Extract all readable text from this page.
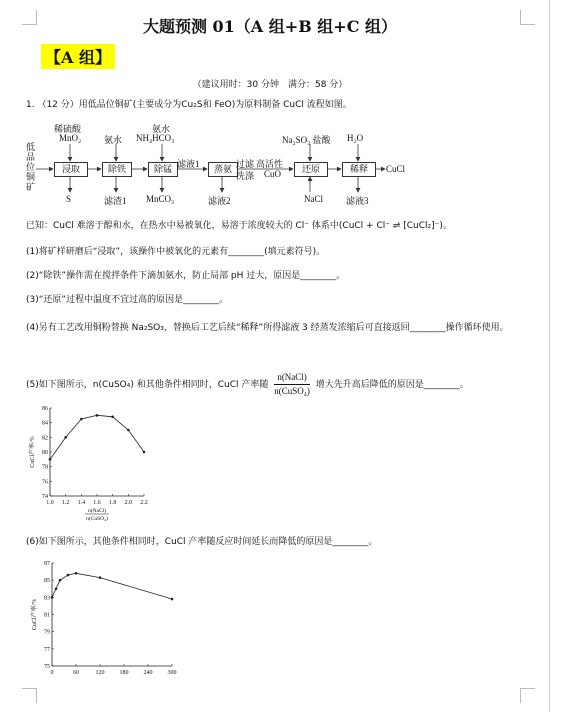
大题预测 01（A 组+B 组+C 组）
【A 组】
（建议用时：30 分钟　满分：58 分）
1. （12 分）用低品位铜矿(主要成分为Cu₂S和 FeO)为原料制备 CuCl 流程如图。
低品位铜矿
稀硫酸
MnO₂	氨水
氨水
NH₄HCO₃	Na₂SO₃ 盐酸 H₂O
浸取	除铁	除锰	蒸氨	还原	稀释
滤液1	过滤
洗涤
高活性
CuO	CuCl
S	滤渣1 MnCO₃	滤液2	NaCl	滤液3
已知：CuCl 难溶于醇和水，在热水中易被氧化，易溶于浓度较大的 Cl⁻ 体系中(CuCl + Cl⁻ ⇌ [CuCl₂]⁻)。
(1)将矿样研磨后“浸取”，该操作中被氧化的元素有________(填元素符号)。
(2)“除铁”操作需在搅拌条件下滴加氨水，防止局部 pH 过大，原因是________。
(3)“还原”过程中温度不宜过高的原因是________。
(4)另有工艺改用铜粉替换 Na₂SO₃，替换后工艺后续“稀释”所得滤液 3 经蒸发浓缩后可直接返回________操作循环使用。
(5)如下图所示，n(CuSO₄) 和其他条件相同时，CuCl 产率随
n(NaCl)
n(CuSO₄)
增大先升高后降低的原因是________。
1.0 1.2 1.4 1.6 1.8 2.0 2.2
74
76
78
80
82
84
86
CuCl产率/%
n(NaCl)
n(CuSO₄)
(6)如下图所示，其他条件相同时，CuCl 产率随反应时间延长而降低的原因是________。
0	60	120	180	240	300
75
77
79
81
83
85
87
CuCl产率/%
